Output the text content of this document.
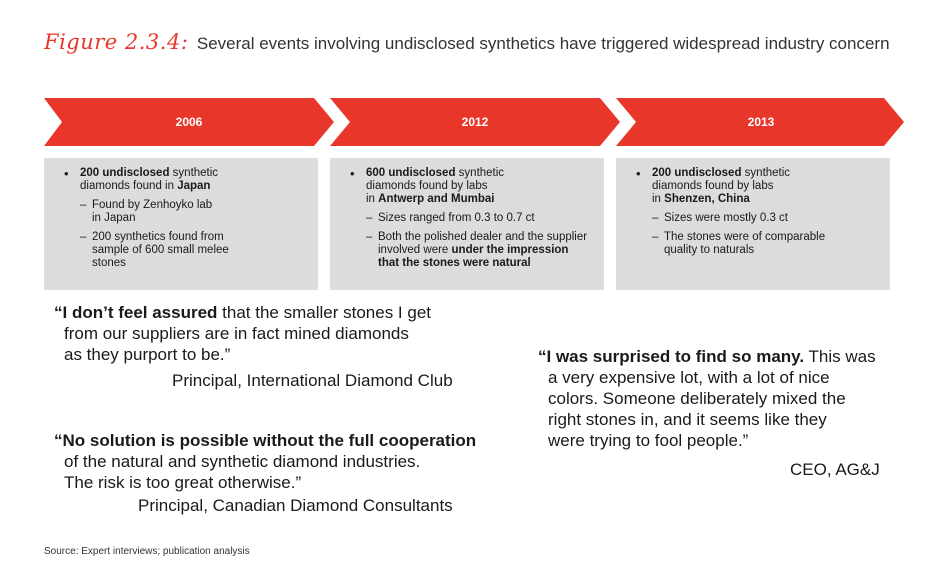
Figure 2.3.4: Several events involving undisclosed synthetics have triggered widespread industry concern
2006	2012	2013
• 200 undisclosed synthetic
diamonds found in Japan
– Found by Zenhoyko lab
in Japan
– 200 synthetics found from
sample of 600 small melee
stones
• 600 undisclosed synthetic
diamonds found by labs
in Antwerp and Mumbai
– Sizes ranged from 0.3 to 0.7 ct
– Both the polished dealer and the supplier
involved were under the impression
that the stones were natural
• 200 undisclosed synthetic
diamonds found by labs
in Shenzen, China
– Sizes were mostly 0.3 ct
– The stones were of comparable
quality to naturals

“I don’t feel assured that the smaller stones I get

from our suppliers are in fact mined diamonds

as they purport to be.”

Principal, International Diamond Club

“No solution is possible without the full cooperation

of the natural and synthetic diamond industries.

The risk is too great otherwise.”

Principal, Canadian Diamond Consultants

“I was surprised to find so many. This was

a very expensive lot, with a lot of nice

colors. Someone deliberately mixed the

right stones in, and it seems like they

were trying to fool people.”

CEO, AG&J
Source: Expert interviews; publication analysis
